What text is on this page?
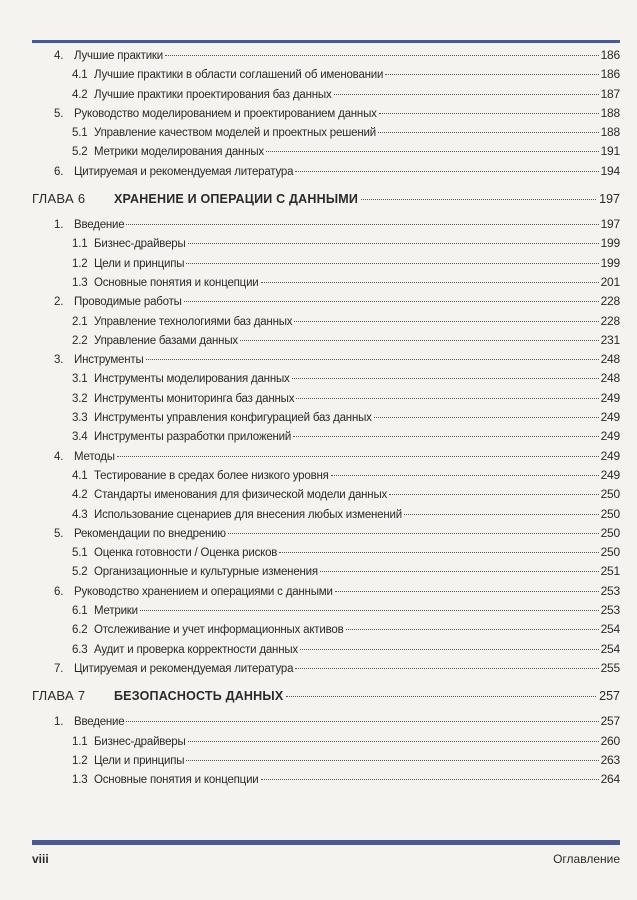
4. Лучшие практики	186
4.1 Лучшие практики в области соглашений об именовании	186
4.2 Лучшие практики проектирования баз данных	187
5. Руководство моделированием и проектированием данных	188
5.1 Управление качеством моделей и проектных решений	188
5.2 Метрики моделирования данных	191
6. Цитируемая и рекомендуемая литература	194
ГЛАВА 6	ХРАНЕНИЕ И ОПЕРАЦИИ С ДАННЫМИ	197
1. Введение	197
1.1 Бизнес-драйверы	199
1.2 Цели и принципы	199
1.3 Основные понятия и концепции	201
2. Проводимые работы	228
2.1 Управление технологиями баз данных	228
2.2 Управление базами данных	231
3. Инструменты	248
3.1 Инструменты моделирования данных	248
3.2 Инструменты мониторинга баз данных	249
3.3 Инструменты управления конфигурацией баз данных	249
3.4 Инструменты разработки приложений	249
4. Методы	249
4.1 Тестирование в средах более низкого уровня	249
4.2 Стандарты именования для физической модели данных	250
4.3 Использование сценариев для внесения любых изменений	250
5. Рекомендации по внедрению	250
5.1 Оценка готовности / Оценка рисков	250
5.2 Организационные и культурные изменения	251
6. Руководство хранением и операциями с данными	253
6.1 Метрики	253
6.2 Отслеживание и учет информационных активов	254
6.3 Аудит и проверка корректности данных	254
7. Цитируемая и рекомендуемая литература	255
ГЛАВА 7	БЕЗОПАСНОСТЬ ДАННЫХ	257
1. Введение	257
1.1 Бизнес-драйверы	260
1.2 Цели и принципы	263
1.3 Основные понятия и концепции	264
viii	Оглавление
